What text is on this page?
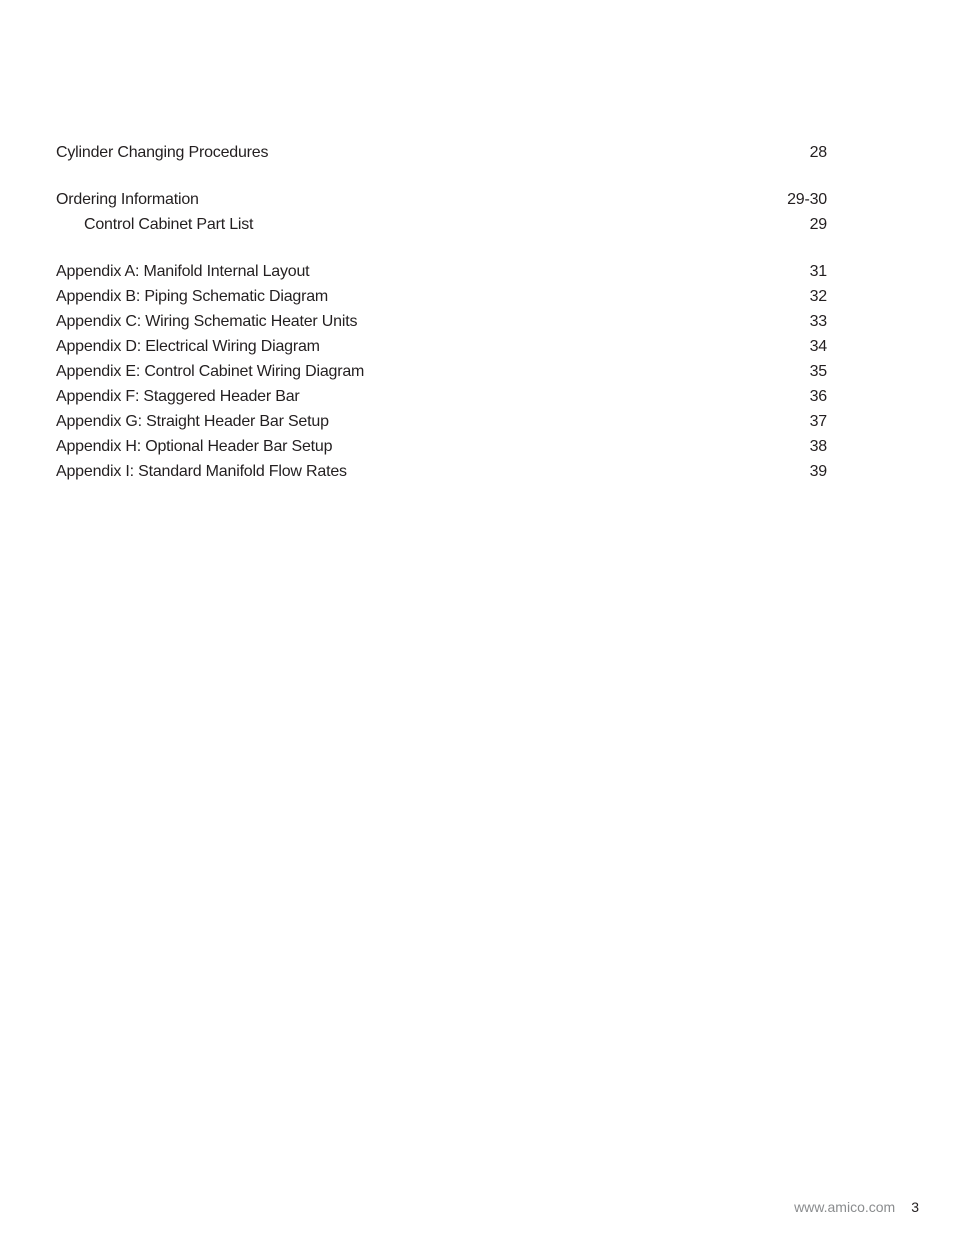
Cylinder Changing Procedures	28
Ordering Information	29-30
Control Cabinet Part List	29
Appendix A: Manifold Internal Layout	31
Appendix B: Piping Schematic Diagram	32
Appendix C: Wiring Schematic Heater Units	33
Appendix D: Electrical Wiring Diagram	34
Appendix E: Control Cabinet Wiring Diagram	35
Appendix F: Staggered Header Bar	36
Appendix G: Straight Header Bar Setup	37
Appendix H: Optional Header Bar Setup	38
Appendix I: Standard Manifold Flow Rates	39
www.amico.com 3
